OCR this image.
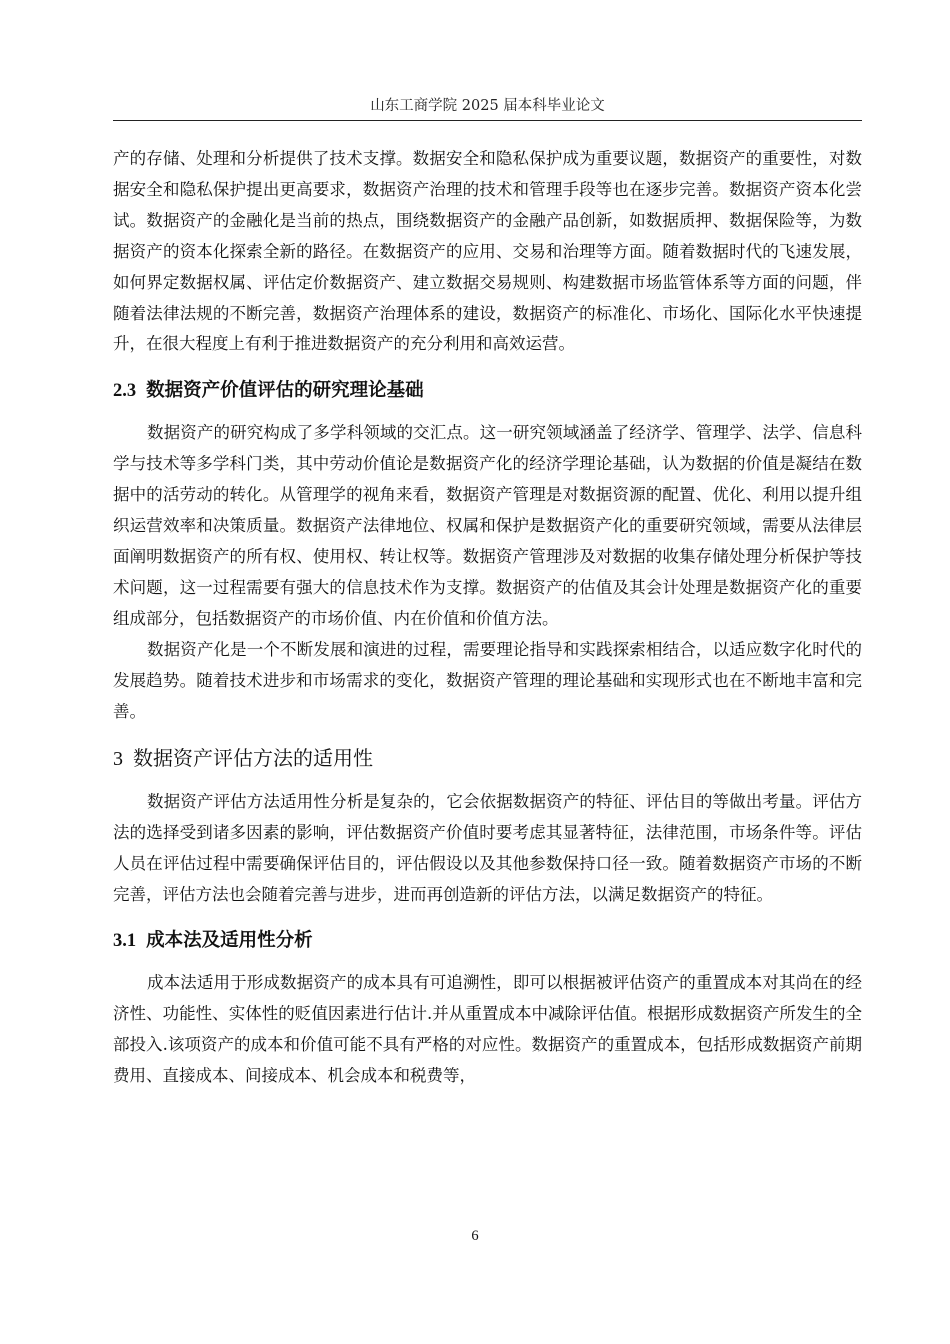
山东工商学院 2025 届本科毕业论文

产的存储、处理和分析提供了技术支撑。数据安全和隐私保护成为重要议题，数据资产的重要性，对数据安全和隐私保护提出更高要求，数据资产治理的技术和管理手段等也在逐步完善。数据资产资本化尝试。数据资产的金融化是当前的热点，围绕数据资产的金融产品创新，如数据质押、数据保险等，为数据资产的资本化探索全新的路径。在数据资产的应用、交易和治理等方面。随着数据时代的飞速发展，如何界定数据权属、评估定价数据资产、建立数据交易规则、构建数据市场监管体系等方面的问题，伴随着法律法规的不断完善，数据资产治理体系的建设，数据资产的标准化、市场化、国际化水平快速提升，在很大程度上有利于推进数据资产的充分利用和高效运营。

2.3 数据资产价值评估的研究理论基础

数据资产的研究构成了多学科领域的交汇点。这一研究领域涵盖了经济学、管理学、法学、信息科学与技术等多学科门类，其中劳动价值论是数据资产化的经济学理论基础，认为数据的价值是凝结在数据中的活劳动的转化。从管理学的视角来看，数据资产管理是对数据资源的配置、优化、利用以提升组织运营效率和决策质量。数据资产法律地位、权属和保护是数据资产化的重要研究领域，需要从法律层面阐明数据资产的所有权、使用权、转让权等。数据资产管理涉及对数据的收集存储处理分析保护等技术问题，这一过程需要有强大的信息技术作为支撑。数据资产的估值及其会计处理是数据资产化的重要组成部分，包括数据资产的市场价值、内在价值和价值方法。

数据资产化是一个不断发展和演进的过程，需要理论指导和实践探索相结合，以适应数字化时代的发展趋势。随着技术进步和市场需求的变化，数据资产管理的理论基础和实现形式也在不断地丰富和完善。

3 数据资产评估方法的适用性

数据资产评估方法适用性分析是复杂的，它会依据数据资产的特征、评估目的等做出考量。评估方法的选择受到诸多因素的影响，评估数据资产价值时要考虑其显著特征，法律范围，市场条件等。评估人员在评估过程中需要确保评估目的，评估假设以及其他参数保持口径一致。随着数据资产市场的不断完善，评估方法也会随着完善与进步，进而再创造新的评估方法，以满足数据资产的特征。

3.1 成本法及适用性分析

成本法适用于形成数据资产的成本具有可追溯性，即可以根据被评估资产的重置成本对其尚在的经济性、功能性、实体性的贬值因素进行估计.并从重置成本中减除评估值。根据形成数据资产所发生的全部投入.该项资产的成本和价值可能不具有严格的对应性。数据资产的重置成本，包括形成数据资产前期费用、直接成本、间接成本、机会成本和税费等，

6
